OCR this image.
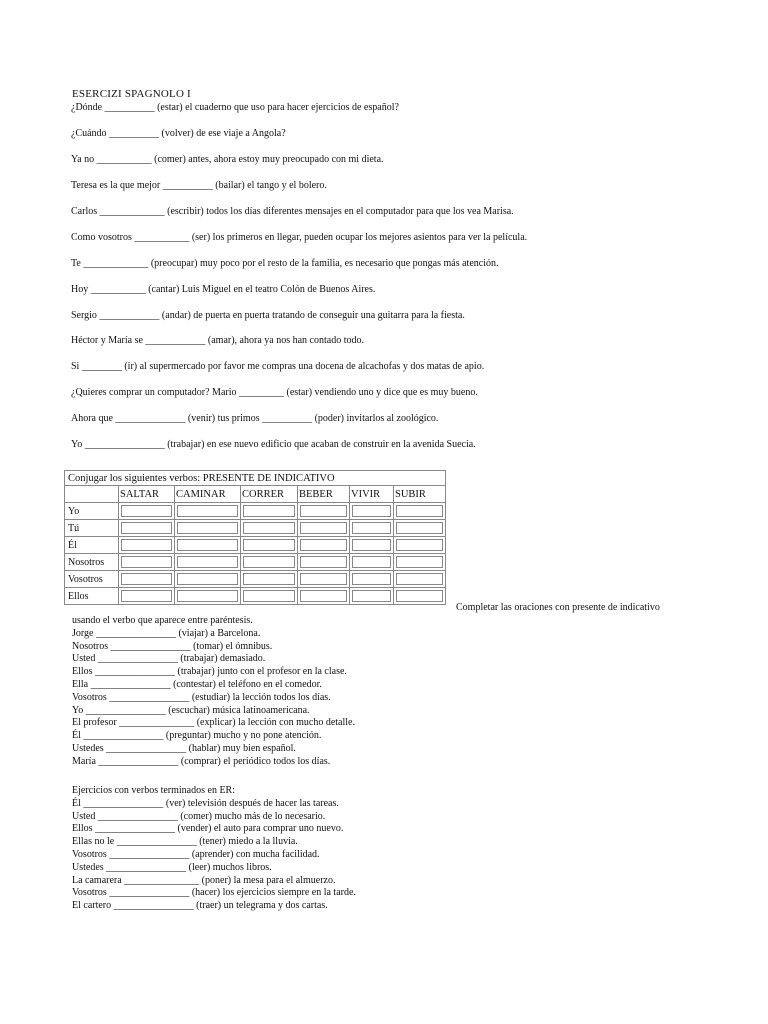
ESERCIZI SPAGNOLO I
¿Dónde __________ (estar) el cuaderno que uso para hacer ejercicios de español?
¿Cuándo __________ (volver) de ese viaje a Angola?
Ya no ___________ (comer) antes, ahora estoy muy preocupado con mi dieta.
Teresa es la que mejor __________ (bailar) el tango y el bolero.
Carlos _____________ (escribir) todos los días diferentes mensajes en el computador para que los vea Marisa.
Como vosotros ___________ (ser) los primeros en llegar, pueden ocupar los mejores asientos para ver la película.
Te _____________ (preocupar) muy poco por el resto de la familia, es necesario que pongas más atención.
Hoy ___________ (cantar) Luis Miguel en el teatro Colón de Buenos Aires.
Sergio ____________ (andar) de puerta en puerta tratando de conseguir una guitarra para la fiesta.
Héctor y María se ____________ (amar), ahora ya nos han contado todo.
Si ________ (ir) al supermercado por favor me compras una docena de alcachofas y dos matas de apio.
¿Quieres comprar un computador? Mario _________ (estar) vendiendo uno y dice que es muy bueno.
Ahora que ______________ (venir) tus primos __________ (poder) invitarlos al zoológico.
Yo ________________ (trabajar) en ese nuevo edificio que acaban de construir en la avenida Suecia.
Conjugar los siguientes verbos: PRESENTE DE INDICATIVO						
	SALTAR	CAMINAR	CORRER	BEBER	VIVIR	SUBIR
Yo	

Tú	

Él	

Nosotros	

Vosotros	

Ellos	

Completar las oraciones con presente de indicativo
usando el verbo que aparece entre paréntesis.
Jorge ________________ (viajar) a Barcelona.
Nosotros ________________ (tomar) el ómnibus.
Usted ________________ (trabajar) demasiado.
Ellos ________________ (trabajar) junto con el profesor en la clase.
Ella ________________ (contestar) el teléfono en el comedor.
Vosotros ________________ (estudiar) la lección todos los días.
Yo ________________ (escuchar) música latinoamericana.
El profesor _______________ (explicar) la lección con mucho detalle.
Él ________________ (preguntar) mucho y no pone atención.
Ustedes ________________ (hablar) muy bien español.
María ________________ (comprar) el periódico todos los días.
Ejercicios con verbos terminados en ER:
Él ________________ (ver) televisión después de hacer las tareas.
Usted ________________ (comer) mucho más de lo necesario.
Ellos ________________ (vender) el auto para comprar uno nuevo.
Ellas no le ________________ (tener) miedo a la lluvia.
Vosotros ________________ (aprender) con mucha facilidad.
Ustedes ________________ (leer) muchos libros.
La camarera _______________ (poner) la mesa para el almuerzo.
Vosotros ________________ (hacer) los ejercicios siempre en la tarde.
El cartero ________________ (traer) un telegrama y dos cartas.
